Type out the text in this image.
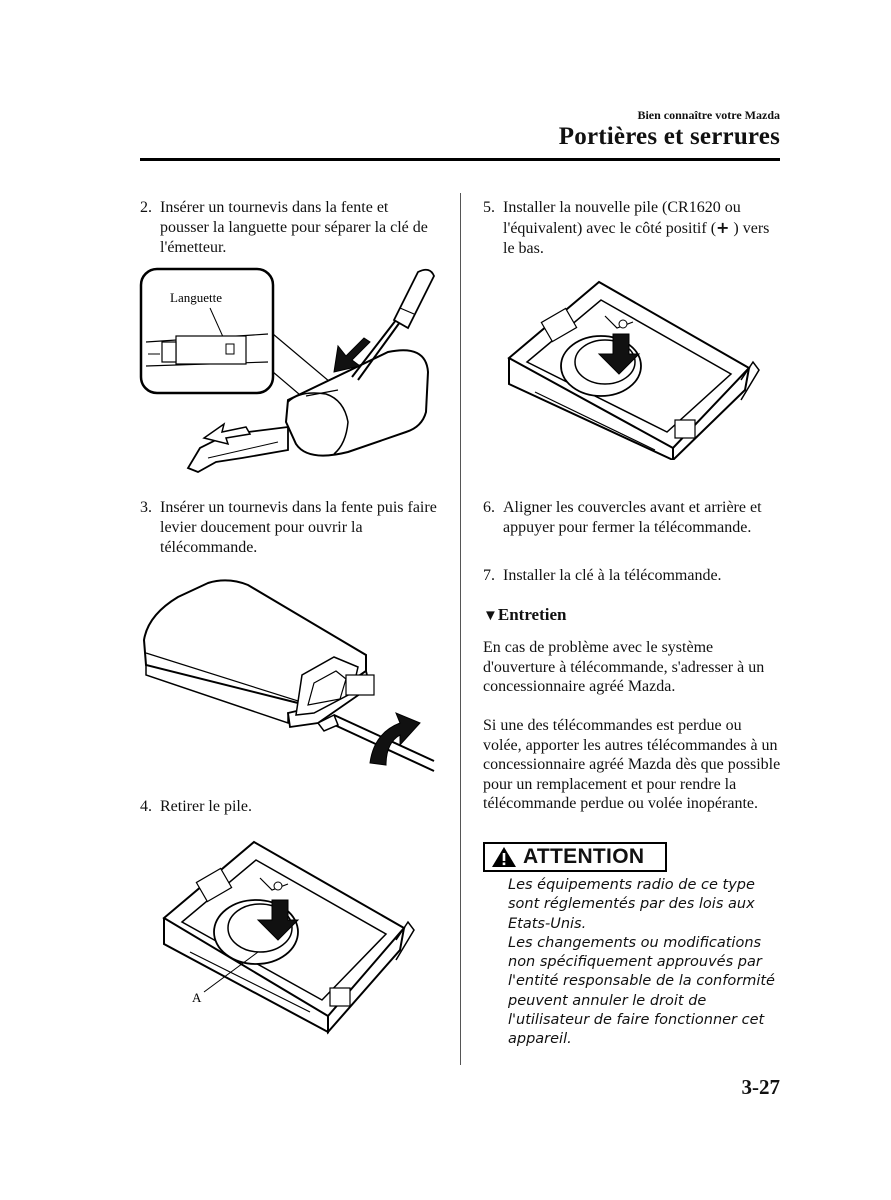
Bien connaître votre Mazda
Portières et serrures

2. Insérer un tournevis dans la fente et pousser la languette pour séparer la clé de l'émetteur.

Languette

3. Insérer un tournevis dans la fente puis faire levier doucement pour ouvrir la télécommande.

4. Retirer le pile.

A

5. Installer la nouvelle pile (CR1620 ou l'équivalent) avec le côté positif (+ ) vers le bas.

6. Aligner les couvercles avant et arrière et appuyer pour fermer la télécommande.

7. Installer la clé à la télécommande.

▼Entretien

En cas de problème avec le système d'ouverture à télécommande, s'adresser à un concessionnaire agréé Mazda.

Si une des télécommandes est perdue ou volée, apporter les autres télécommandes à un concessionnaire agréé Mazda dès que possible pour un remplacement et pour rendre la télécommande perdue ou volée inopérante.

ATTENTION
Les équipements radio de ce type
sont réglementés par des lois aux
Etats-Unis.
Les changements ou modifications
non spécifiquement approuvés par
l'entité responsable de la conformité
peuvent annuler le droit de
l'utilisateur de faire fonctionner cet
appareil.
3-27
